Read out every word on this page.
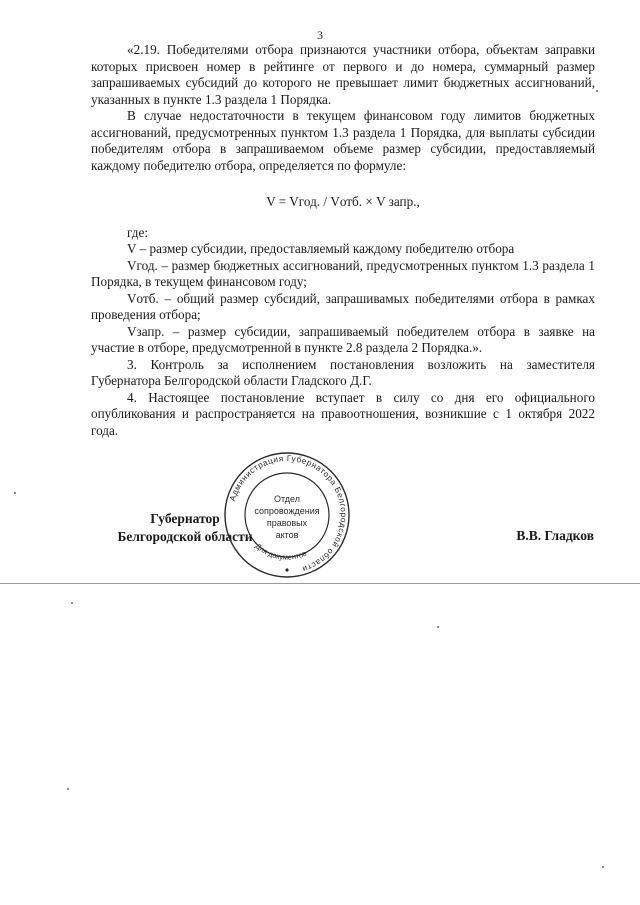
3

«2.19. Победителями отбора признаются участники отбора, объектам заправки которых присвоен номер в рейтинге от первого и до номера, суммарный размер запрашиваемых субсидий до которого не превышает лимит бюджетных ассигнований, указанных в пункте 1.3 раздела 1 Порядка.

В случае недостаточности в текущем финансовом году лимитов бюджетных ассигнований, предусмотренных пунктом 1.3 раздела 1 Порядка, для выплаты субсидии победителям отбора в запрашиваемом объеме размер субсидии, предоставляемый каждому победителю отбора, определяется по формуле:

V = Vгод. / Vотб. × V запр.,

где:

V – размер субсидии, предоставляемый каждому победителю отбора

Vгод. – размер бюджетных ассигнований, предусмотренных пунктом 1.3 раздела 1 Порядка, в текущем финансовом году;

Vотб. – общий размер субсидий, запрашивамых победителями отбора в рамках проведения отбора;

Vзапр. – размер субсидии, запрашиваемый победителем отбора в заявке на участие в отборе, предусмотренной в пункте 2.8 раздела 2 Порядка.».

3. Контроль за исполнением постановления возложить на заместителя Губернатора Белгородской области Гладского Д.Г.

4. Настоящее постановление вступает в силу со дня его официального опубликования и распространяется на правоотношения, возникшие с 1 октября 2022 года.

Губернатор
Белгородской области
Администрация Губернатора Белгородской области
Для документов
Отдел
сопровождения
правовых
актов	В.В. Гладков
